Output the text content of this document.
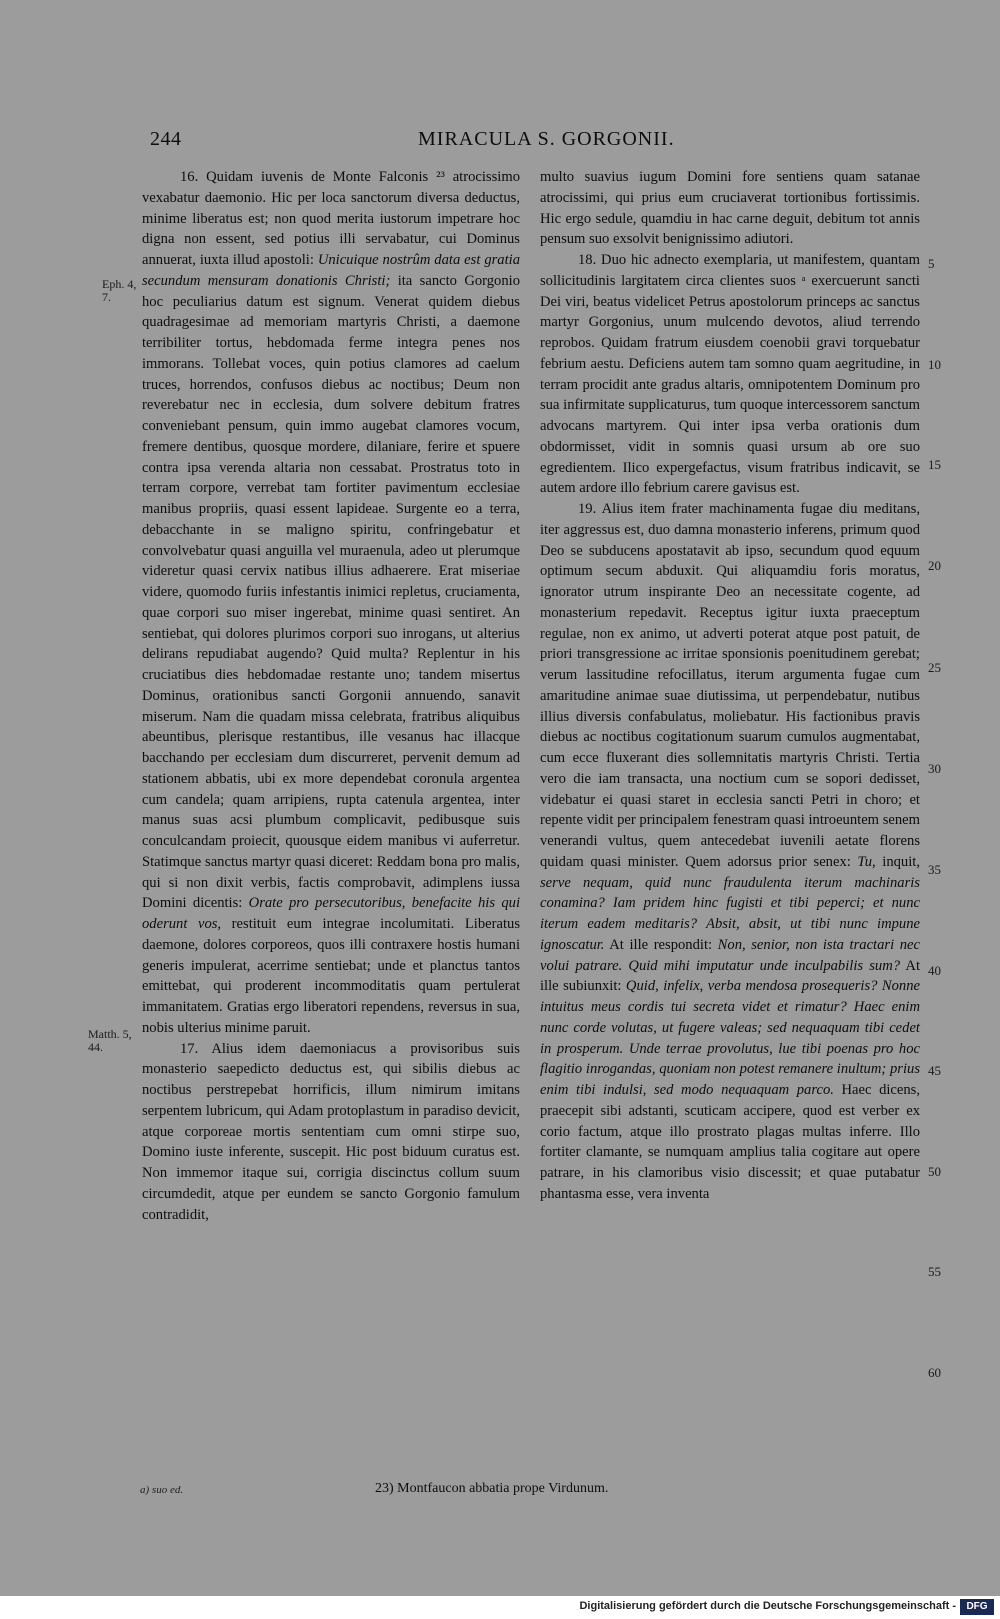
244	MIRACULA S. GORGONII.

16. Quidam iuvenis de Monte Falconis ²³ atrocissimo vexabatur daemonio. Hic per loca sanctorum diversa deductus, minime liberatus est; non quod merita iustorum impetrare hoc digna non essent, sed potius illi servabatur, cui Dominus annuerat, iuxta illud apostoli: Unicuique nostrûm data est gratia secundum mensuram donationis Christi; ita sancto Gorgonio hoc peculiarius datum est signum. Venerat quidem diebus quadragesimae ad memoriam martyris Christi, a daemone terribiliter tortus, hebdomada ferme integra penes nos immorans. Tollebat voces, quin potius clamores ad caelum truces, horrendos, confusos diebus ac noctibus; Deum non reverebatur nec in ecclesia, dum solvere debitum fratres conveniebant pensum, quin immo augebat clamores vocum, fremere dentibus, quosque mordere, dilaniare, ferire et spuere contra ipsa verenda altaria non cessabat. Prostratus toto in terram corpore, verrebat tam fortiter pavimentum ecclesiae manibus propriis, quasi essent lapideae. Surgente eo a terra, debacchante in se maligno spiritu, confringebatur et convolvebatur quasi anguilla vel muraenula, adeo ut plerumque videretur quasi cervix natibus illius adhaerere. Erat miseriae videre, quomodo furiis infestantis inimici repletus, cruciamenta, quae corpori suo miser ingerebat, minime quasi sentiret. An sentiebat, qui dolores plurimos corpori suo inrogans, ut alterius delirans repudiabat augendo? Quid multa? Replentur in his cruciatibus dies hebdomadae restante uno; tandem misertus Dominus, orationibus sancti Gorgonii annuendo, sanavit miserum. Nam die quadam missa celebrata, fratribus aliquibus abeuntibus, plerisque restantibus, ille vesanus hac illacque bacchando per ecclesiam dum discurreret, pervenit demum ad stationem abbatis, ubi ex more dependebat coronula argentea cum candela; quam arripiens, rupta catenula argentea, inter manus suas acsi plumbum complicavit, pedibusque suis conculcandam proiecit, quousque eidem manibus vi auferretur. Statimque sanctus martyr quasi diceret: Reddam bona pro malis, qui si non dixit verbis, factis comprobavit, adimplens iussa Domini dicentis: Orate pro persecutoribus, benefacite his qui oderunt vos, restituit eum integrae incolumitati. Liberatus daemone, dolores corporeos, quos illi contraxere hostis humani generis impulerat, acerrime sentiebat; unde et planctus tantos emittebat, qui proderent incommoditatis quam pertulerat immanitatem. Gratias ergo liberatori rependens, reversus in sua, nobis ulterius minime paruit.

17. Alius idem daemoniacus a provisoribus suis monasterio saepedicto deductus est, qui sibilis diebus ac noctibus perstrepebat horrificis, illum nimirum imitans serpentem lubricum, qui Adam protoplastum in paradiso devicit, atque corporeae mortis sententiam cum omni stirpe suo, Domino iuste inferente, suscepit. Hic post biduum curatus est. Non immemor itaque sui, corrigia discinctus collum suum circumdedit, atque per eundem se sancto Gorgonio famulum contradidit,

multo suavius iugum Domini fore sentiens quam satanae atrocissimi, qui prius eum cruciaverat tortionibus fortissimis. Hic ergo sedule, quamdiu in hac carne deguit, debitum tot annis pensum suo exsolvit benignissimo adiutori.

18. Duo hic adnecto exemplaria, ut manifestem, quantam sollicitudinis largitatem circa clientes suos ᵃ exercuerunt sancti Dei viri, beatus videlicet Petrus apostolorum princeps ac sanctus martyr Gorgonius, unum mulcendo devotos, aliud terrendo reprobos. Quidam fratrum eiusdem coenobii gravi torquebatur febrium aestu. Deficiens autem tam somno quam aegritudine, in terram procidit ante gradus altaris, omnipotentem Dominum pro sua infirmitate supplicaturus, tum quoque intercessorem sanctum advocans martyrem. Qui inter ipsa verba orationis dum obdormisset, vidit in somnis quasi ursum ab ore suo egredientem. Ilico expergefactus, visum fratribus indicavit, se autem ardore illo febrium carere gavisus est.

19. Alius item frater machinamenta fugae diu meditans, iter aggressus est, duo damna monasterio inferens, primum quod Deo se subducens apostatavit ab ipso, secundum quod equum optimum secum abduxit. Qui aliquamdiu foris moratus, ignorator utrum inspirante Deo an necessitate cogente, ad monasterium repedavit. Receptus igitur iuxta praeceptum regulae, non ex animo, ut adverti poterat atque post patuit, de priori transgressione ac irritae sponsionis poenitudinem gerebat; verum lassitudine refocillatus, iterum argumenta fugae cum amaritudine animae suae diutissima, ut perpendebatur, nutibus illius diversis confabulatus, moliebatur. His factionibus pravis diebus ac noctibus cogitationum suarum cumulos augmentabat, cum ecce fluxerant dies sollemnitatis martyris Christi. Tertia vero die iam transacta, una noctium cum se sopori dedisset, videbatur ei quasi staret in ecclesia sancti Petri in choro; et repente vidit per principalem fenestram quasi introeuntem senem venerandi vultus, quem antecedebat iuvenili aetate florens quidam quasi minister. Quem adorsus prior senex: Tu, inquit, serve nequam, quid nunc fraudulenta iterum machinaris conamina? Iam pridem hinc fugisti et tibi peperci; et nunc iterum eadem meditaris? Absit, absit, ut tibi nunc impune ignoscatur. At ille respondit: Non, senior, non ista tractari nec volui patrare. Quid mihi imputatur unde inculpabilis sum? At ille subiunxit: Quid, infelix, verba mendosa prosequeris? Nonne intuitus meus cordis tui secreta videt et rimatur? Haec enim nunc corde volutas, ut fugere valeas; sed nequaquam tibi cedet in prosperum. Unde terrae provolutus, lue tibi poenas pro hoc flagitio inrogandas, quoniam non potest remanere inultum; prius enim tibi indulsi, sed modo nequaquam parco. Haec dicens, praecepit sibi adstanti, scuticam accipere, quod est verber ex corio factum, atque illo prostrato plagas multas inferre. Illo fortiter clamante, se numquam amplius talia cogitare aut opere patrare, in his clamoribus visio discessit; et quae putabatur phantasma esse, vera inventa

Eph. 4, 7.
Matth. 5, 44.
5
10
15
20
25
30
35
40
45
50
55
60
a) suo ed.	23) Montfaucon abbatia prope Virdunum.
Digitalisierung gefördert durch die Deutsche Forschungsgemeinschaft -	DFG
